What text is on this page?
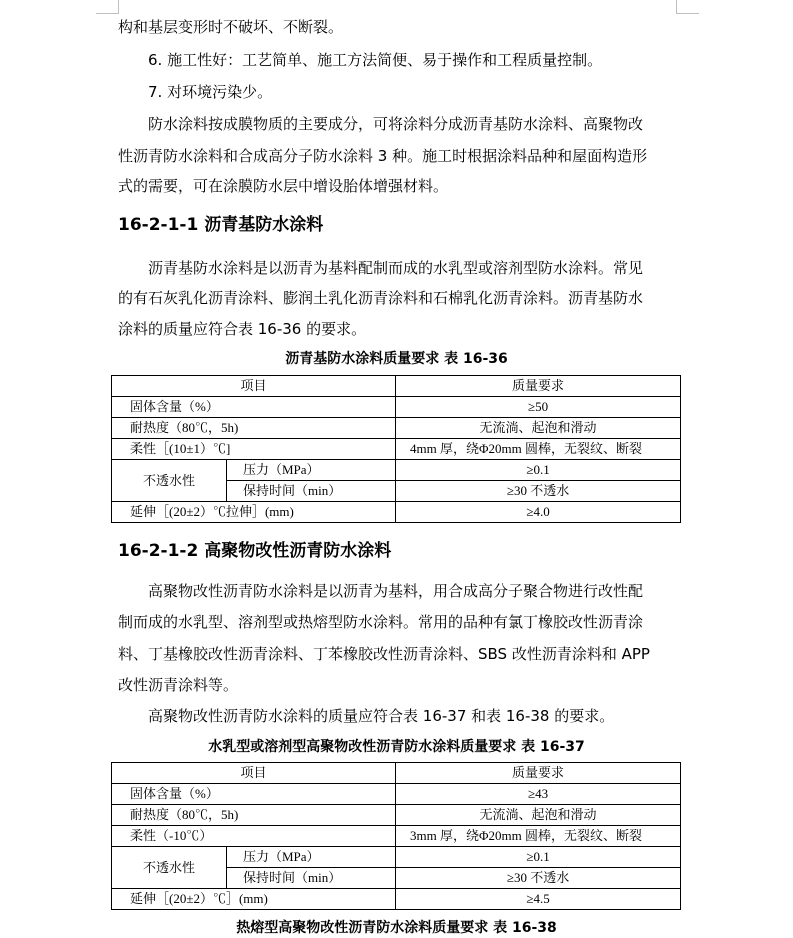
构和基层变形时不破坏、不断裂。
6. 施工性好：工艺简单、施工方法简便、易于操作和工程质量控制。
7. 对环境污染少。
防水涂料按成膜物质的主要成分，可将涂料分成沥青基防水涂料、高聚物改
性沥青防水涂料和合成高分子防水涂料 3 种。施工时根据涂料品种和屋面构造形
式的需要，可在涂膜防水层中增设胎体增强材料。
16-2-1-1 沥青基防水涂料
沥青基防水涂料是以沥青为基料配制而成的水乳型或溶剂型防水涂料。常见
的有石灰乳化沥青涂料、膨润土乳化沥青涂料和石棉乳化沥青涂料。沥青基防水
涂料的质量应符合表 16-36 的要求。
沥青基防水涂料质量要求 表 16-36
项目		质量要求
固体含量（%）		≥50
耐热度（80℃，5h)		无流淌、起泡和滑动
柔性［(10±1）℃]		4mm 厚，绕Φ20mm 圆棒，无裂纹、断裂
不透水性	压力（MPa）	≥0.1
	保持时间（min）	≥30 不透水
延伸［(20±2）℃拉伸］(mm)		≥4.0
16-2-1-2 高聚物改性沥青防水涂料
高聚物改性沥青防水涂料是以沥青为基料，用合成高分子聚合物进行改性配
制而成的水乳型、溶剂型或热熔型防水涂料。常用的品种有氯丁橡胶改性沥青涂
料、丁基橡胶改性沥青涂料、丁苯橡胶改性沥青涂料、SBS 改性沥青涂料和 APP
改性沥青涂料等。
高聚物改性沥青防水涂料的质量应符合表 16-37 和表 16-38 的要求。
水乳型或溶剂型高聚物改性沥青防水涂料质量要求 表 16-37
项目		质量要求
固体含量（%）		≥43
耐热度（80℃，5h)		无流淌、起泡和滑动
柔性（-10℃）		3mm 厚，绕Φ20mm 圆棒，无裂纹、断裂
不透水性	压力（MPa）	≥0.1
	保持时间（min）	≥30 不透水
延伸［(20±2）℃］(mm)		≥4.5
热熔型高聚物改性沥青防水涂料质量要求 表 16-38
